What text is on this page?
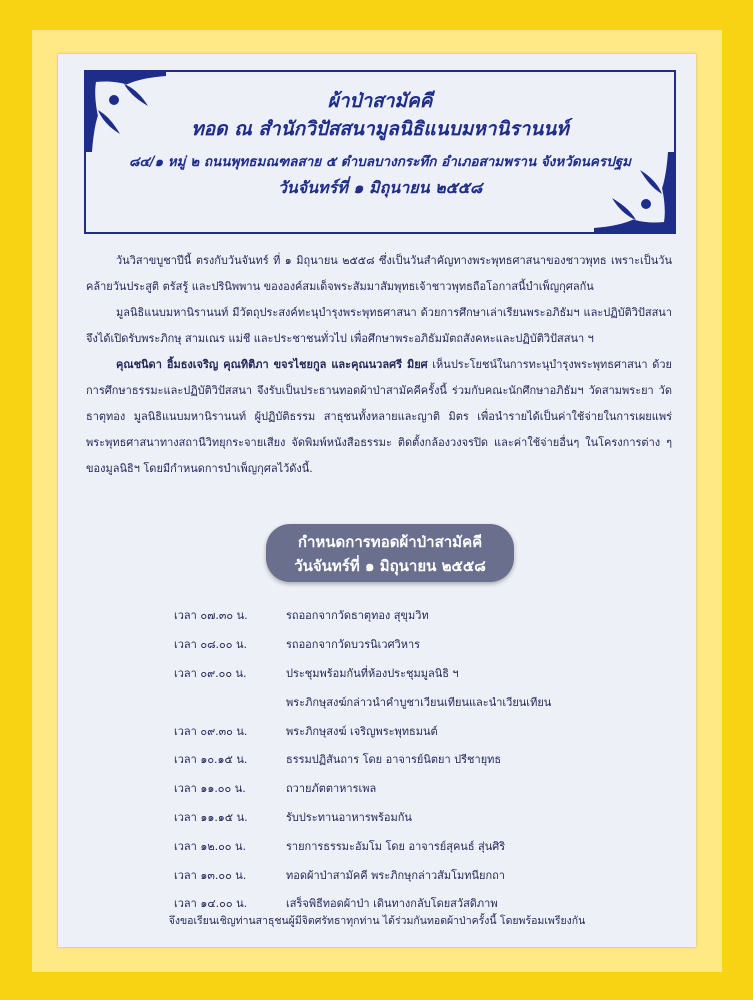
ผ้าป่าสามัคคี
ทอด ณ สำนักวิปัสสนามูลนิธิแนบมหานิรานนท์
๘๔/๑ หมู่ ๒ ถนนพุทธมณฑลสาย ๕ ตำบลบางกระทึก อำเภอสามพราน จังหวัดนครปฐม
วันจันทร์ที่ ๑ มิถุนายน ๒๕๕๘

วันวิสาขบูชาปีนี้ ตรงกับวันจันทร์ ที่ ๑ มิถุนายน ๒๕๕๘ ซึ่งเป็นวันสำคัญทางพระพุทธศาสนาของชาวพุทธ เพราะเป็นวันคล้ายวันประสูติ ตรัสรู้ และปรินิพพาน ขององค์สมเด็จพระสัมมาสัมพุทธเจ้าชาวพุทธถือโอกาสนี้บำเพ็ญกุศลกัน

มูลนิธิแนบมหานิรานนท์ มีวัตถุประสงค์ทะนุบำรุงพระพุทธศาสนา ด้วยการศึกษาเล่าเรียนพระอภิธัมฯ และปฏิบัติวิปัสสนา จึงได้เปิดรับพระภิกษุ สามเณร แม่ชี และประชาชนทั่วไป เพื่อศึกษาพระอภิธัมมัตถสังคหะและปฏิบัติวิปัสสนา ฯ

คุณชนิดา อิ้มธงเจริญ คุณทิติภา ขจรไชยกูล และคุณนวลศรี มิยศ เห็นประโยชน์ในการทะนุบำรุงพระพุทธศาสนา ด้วยการศึกษาธรรมะและปฏิบัติวิปัสสนา จึงรับเป็นประธานทอดผ้าป่าสามัคคีครั้งนี้ ร่วมกับคณะนักศึกษาอภิธัมฯ วัดสามพระยา วัดธาตุทอง มูลนิธิแนบมหานิรานนท์ ผู้ปฏิบัติธรรม สาธุชนทั้งหลายและญาติ มิตร เพื่อนำรายได้เป็นค่าใช้จ่ายในการเผยแพร่พระพุทธศาสนาทางสถานีวิทยุกระจายเสียง จัดพิมพ์หนังสือธรรมะ ติดตั้งกล้องวงจรปิด และค่าใช้จ่ายอื่นๆ ในโครงการต่าง ๆ ของมูลนิธิฯ โดยมีกำหนดการบำเพ็ญกุศลไว้ดังนี้.

กำหนดการทอดผ้าป่าสามัคคี
วันจันทร์ที่ ๑ มิถุนายน ๒๕๕๘
เวลา ๐๗.๓๐ น.	รถออกจากวัดธาตุทอง สุขุมวิท
เวลา ๐๘.๐๐ น.	รถออกจากวัดบวรนิเวศวิหาร
เวลา ๐๙.๐๐ น.	ประชุมพร้อมกันที่ห้องประชุมมูลนิธิ ฯ
พระภิกษุสงฆ์กล่าวนำคำบูชาเวียนเทียนและนำเวียนเทียน
เวลา ๐๙.๓๐ น.	พระภิกษุสงฆ์ เจริญพระพุทธมนต์
เวลา ๑๐.๑๕ น.	ธรรมปฏิสันถาร โดย อาจารย์นิตยา ปรีชายุทธ
เวลา ๑๑.๐๐ น.	ถวายภัตตาหารเพล
เวลา ๑๑.๑๕ น.	รับประทานอาหารพร้อมกัน
เวลา ๑๒.๐๐ น.	รายการธรรมะอัมโม โดย อาจารย์สุคนธ์ สุ่นศิริ
เวลา ๑๓.๐๐ น.	ทอดผ้าป่าสามัคคี พระภิกษุกล่าวสัมโมทนียกถา
เวลา ๑๔.๐๐ น.	เสร็จพิธีทอดผ้าป่า เดินทางกลับโดยสวัสดิภาพ
จึงขอเรียนเชิญท่านสาธุชนผู้มีจิตศรัทธาทุกท่าน ได้ร่วมกันทอดผ้าป่าครั้งนี้ โดยพร้อมเพรียงกัน
